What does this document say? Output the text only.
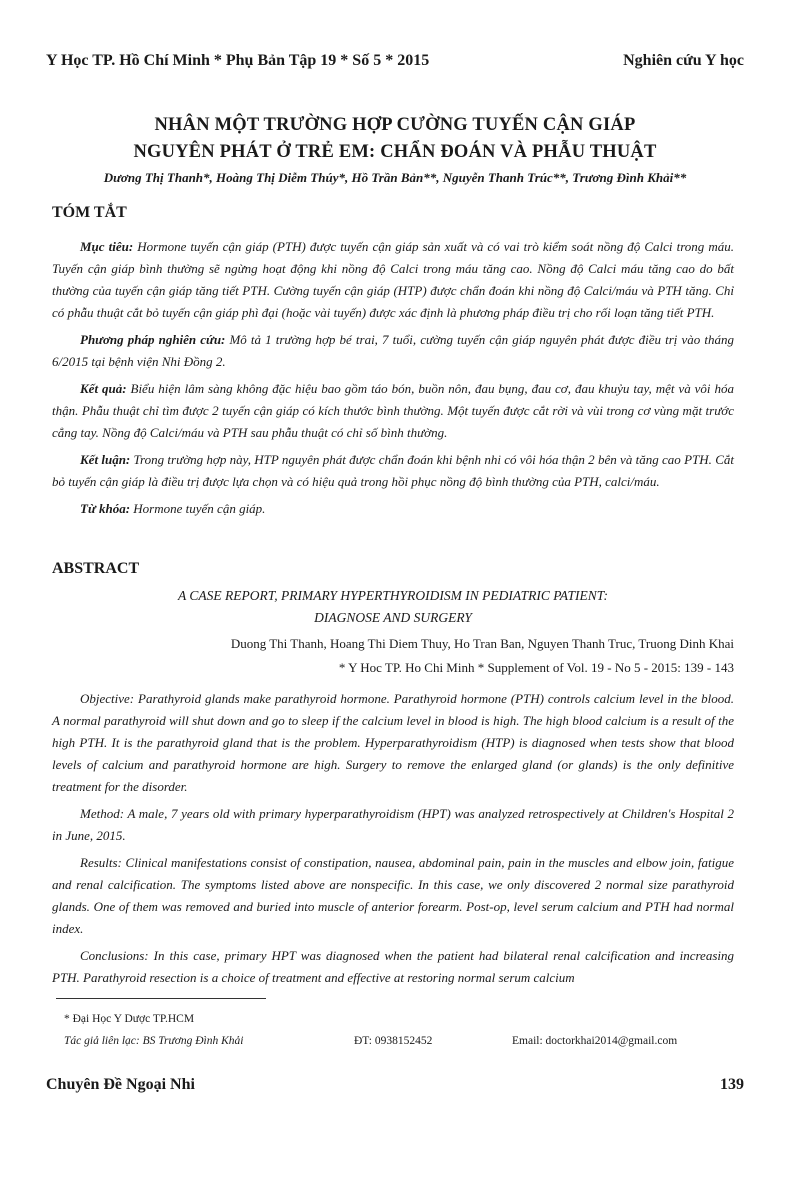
Y Học TP. Hồ Chí Minh * Phụ Bản Tập 19 * Số 5 * 2015	Nghiên cứu Y học
NHÂN MỘT TRƯỜNG HỢP CƯỜNG TUYẾN CẬN GIÁP
NGUYÊN PHÁT Ở TRẺ EM: CHẨN ĐOÁN VÀ PHẪU THUẬT
Dương Thị Thanh*, Hoàng Thị Diễm Thúy*, Hồ Trần Bản**, Nguyễn Thanh Trúc**, Trương Đình Khải**
TÓM TẮT

Mục tiêu: Hormone tuyến cận giáp (PTH) được tuyến cận giáp sản xuất và có vai trò kiểm soát nồng độ Calci trong máu. Tuyến cận giáp bình thường sẽ ngừng hoạt động khi nồng độ Calci trong máu tăng cao. Nồng độ Calci máu tăng cao do bất thường của tuyến cận giáp tăng tiết PTH. Cường tuyến cận giáp (HTP) được chẩn đoán khi nồng độ Calci/máu và PTH tăng. Chỉ có phẫu thuật cắt bỏ tuyến cận giáp phì đại (hoặc vài tuyến) được xác định là phương pháp điều trị cho rối loạn tăng tiết PTH.

Phương pháp nghiên cứu: Mô tả 1 trường hợp bé trai, 7 tuổi, cường tuyến cận giáp nguyên phát được điều trị vào tháng 6/2015 tại bệnh viện Nhi Đồng 2.

Kết quả: Biểu hiện lâm sàng không đặc hiệu bao gồm táo bón, buồn nôn, đau bụng, đau cơ, đau khuỷu tay, mệt và vôi hóa thận. Phẫu thuật chỉ tìm được 2 tuyến cận giáp có kích thước bình thường. Một tuyến được cắt rời và vùi trong cơ vùng mặt trước cẳng tay. Nồng độ Calci/máu và PTH sau phẫu thuật có chỉ số bình thường.

Kết luận: Trong trường hợp này, HTP nguyên phát được chẩn đoán khi bệnh nhi có vôi hóa thận 2 bên và tăng cao PTH. Cắt bỏ tuyến cận giáp là điều trị được lựa chọn và có hiệu quả trong hồi phục nồng độ bình thường của PTH, calci/máu.

Từ khóa: Hormone tuyến cận giáp.

ABSTRACT
A CASE REPORT, PRIMARY HYPERTHYROIDISM IN PEDIATRIC PATIENT:
DIAGNOSE AND SURGERY
Duong Thi Thanh, Hoang Thi Diem Thuy, Ho Tran Ban, Nguyen Thanh Truc, Truong Dinh Khai
* Y Hoc TP. Ho Chi Minh * Supplement of Vol. 19 - No 5 - 2015: 139 - 143

Objective: Parathyroid glands make parathyroid hormone. Parathyroid hormone (PTH) controls calcium level in the blood. A normal parathyroid will shut down and go to sleep if the calcium level in blood is high. The high blood calcium is a result of the high PTH. It is the parathyroid gland that is the problem. Hyperparathyroidism (HTP) is diagnosed when tests show that blood levels of calcium and parathyroid hormone are high. Surgery to remove the enlarged gland (or glands) is the only definitive treatment for the disorder.

Method: A male, 7 years old with primary hyperparathyroidism (HPT) was analyzed retrospectively at Children's Hospital 2 in June, 2015.

Results: Clinical manifestations consist of constipation, nausea, abdominal pain, pain in the muscles and elbow join, fatigue and renal calcification. The symptoms listed above are nonspecific. In this case, we only discovered 2 normal size parathyroid glands. One of them was removed and buried into muscle of anterior forearm. Post-op, level serum calcium and PTH had normal index.

Conclusions: In this case, primary HPT was diagnosed when the patient had bilateral renal calcification and increasing PTH. Parathyroid resection is a choice of treatment and effective at restoring normal serum calcium

* Đại Học Y Dược TP.HCM
Tác giả liên lạc: BS Trương Đình Khải	ĐT: 0938152452	Email: doctorkhai2014@gmail.com
Chuyên Đề Ngoại Nhi	139
